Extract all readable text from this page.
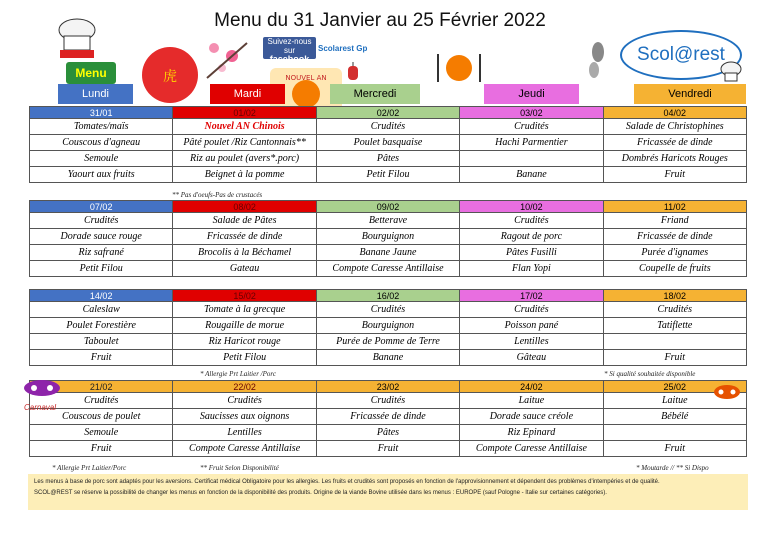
Menu du 31 Janvier au 25 Février 2022
Menu	虎
Suivez-nous sur
facebook
Scolarest Gp
NOUVEL AN
Scol@rest
Lundi	Mardi	Mercredi	Jeudi	Vendredi
31/01	01/02	02/02	03/02	04/02
Tomates/maïs	Nouvel AN Chinois	Crudités	Crudités	Salade de Christophines
Couscous d'agneau	Pâté poulet /Riz Cantonnais**	Poulet basquaise	Hachi Parmentier	Fricassée de dinde
Semoule	Riz au poulet (avers*.porc)	Pâtes		Dombrés Haricots Rouges
Yaourt aux fruits	Beignet à la pomme	Petit Filou	Banane	Fruit
** Pas d'oeufs-Pas de crustacés
07/02	08/02	09/02	10/02	11/02
Crudités	Salade de Pâtes	Betterave	Crudités	Friand
Dorade sauce rouge	Fricassée de dinde	Bourguignon	Ragout de porc	Fricassée de dinde
Riz safrané	Brocolis à la Béchamel	Banane Jaune	Pâtes Fusilli	Purée d'ignames
Petit Filou	Gateau	Compote Caresse Antillaise	Flan Yopi	Coupelle de fruits
14/02	15/02	16/02	17/02	18/02
Caleslaw	Tomate à la grecque	Crudités	Crudités	Crudités
Poulet Forestière	Rougaille de morue	Bourguignon	Poisson pané	Tatiflette
Taboulet	Riz Haricot rouge	Purée de Pomme de Terre	Lentilles	
Fruit	Petit Filou	Banane	Gâteau	Fruit
* Allergie Prt Laitier /Porc	* Si qualité souhaitée disponible
21/02	22/02	23/02	24/02	25/02
Crudités	Crudités	Crudités	Laitue	Laitue
Couscous de poulet	Saucisses aux oignons	Fricassée de dinde	Dorade sauce créole	Bébélé
Semoule	Lentilles	Pâtes	Riz Epinard	
Fruit	Compote Caresse Antillaise	Fruit	Compote Caresse Antillaise	Fruit
Carnaval
* Allergie Prt Laitier/Porc	** Fruit Selon Disponibilité	* Moutarde // ** Si Dispo
Les menus à base de porc sont adaptés pour les aversions. Certificat médical Obligatoire pour les allergies. Les fruits et crudités sont proposés en fonction de l'approvisionnement et dépendent des problèmes d'intempéries et de qualité.
SCOL@REST se réserve la possibilité de changer les menus en fonction de la disponibilité des produits. Origine de la viande Bovine utilisée dans les menus : EUROPE (sauf Pologne - Italie sur certaines catégories).
